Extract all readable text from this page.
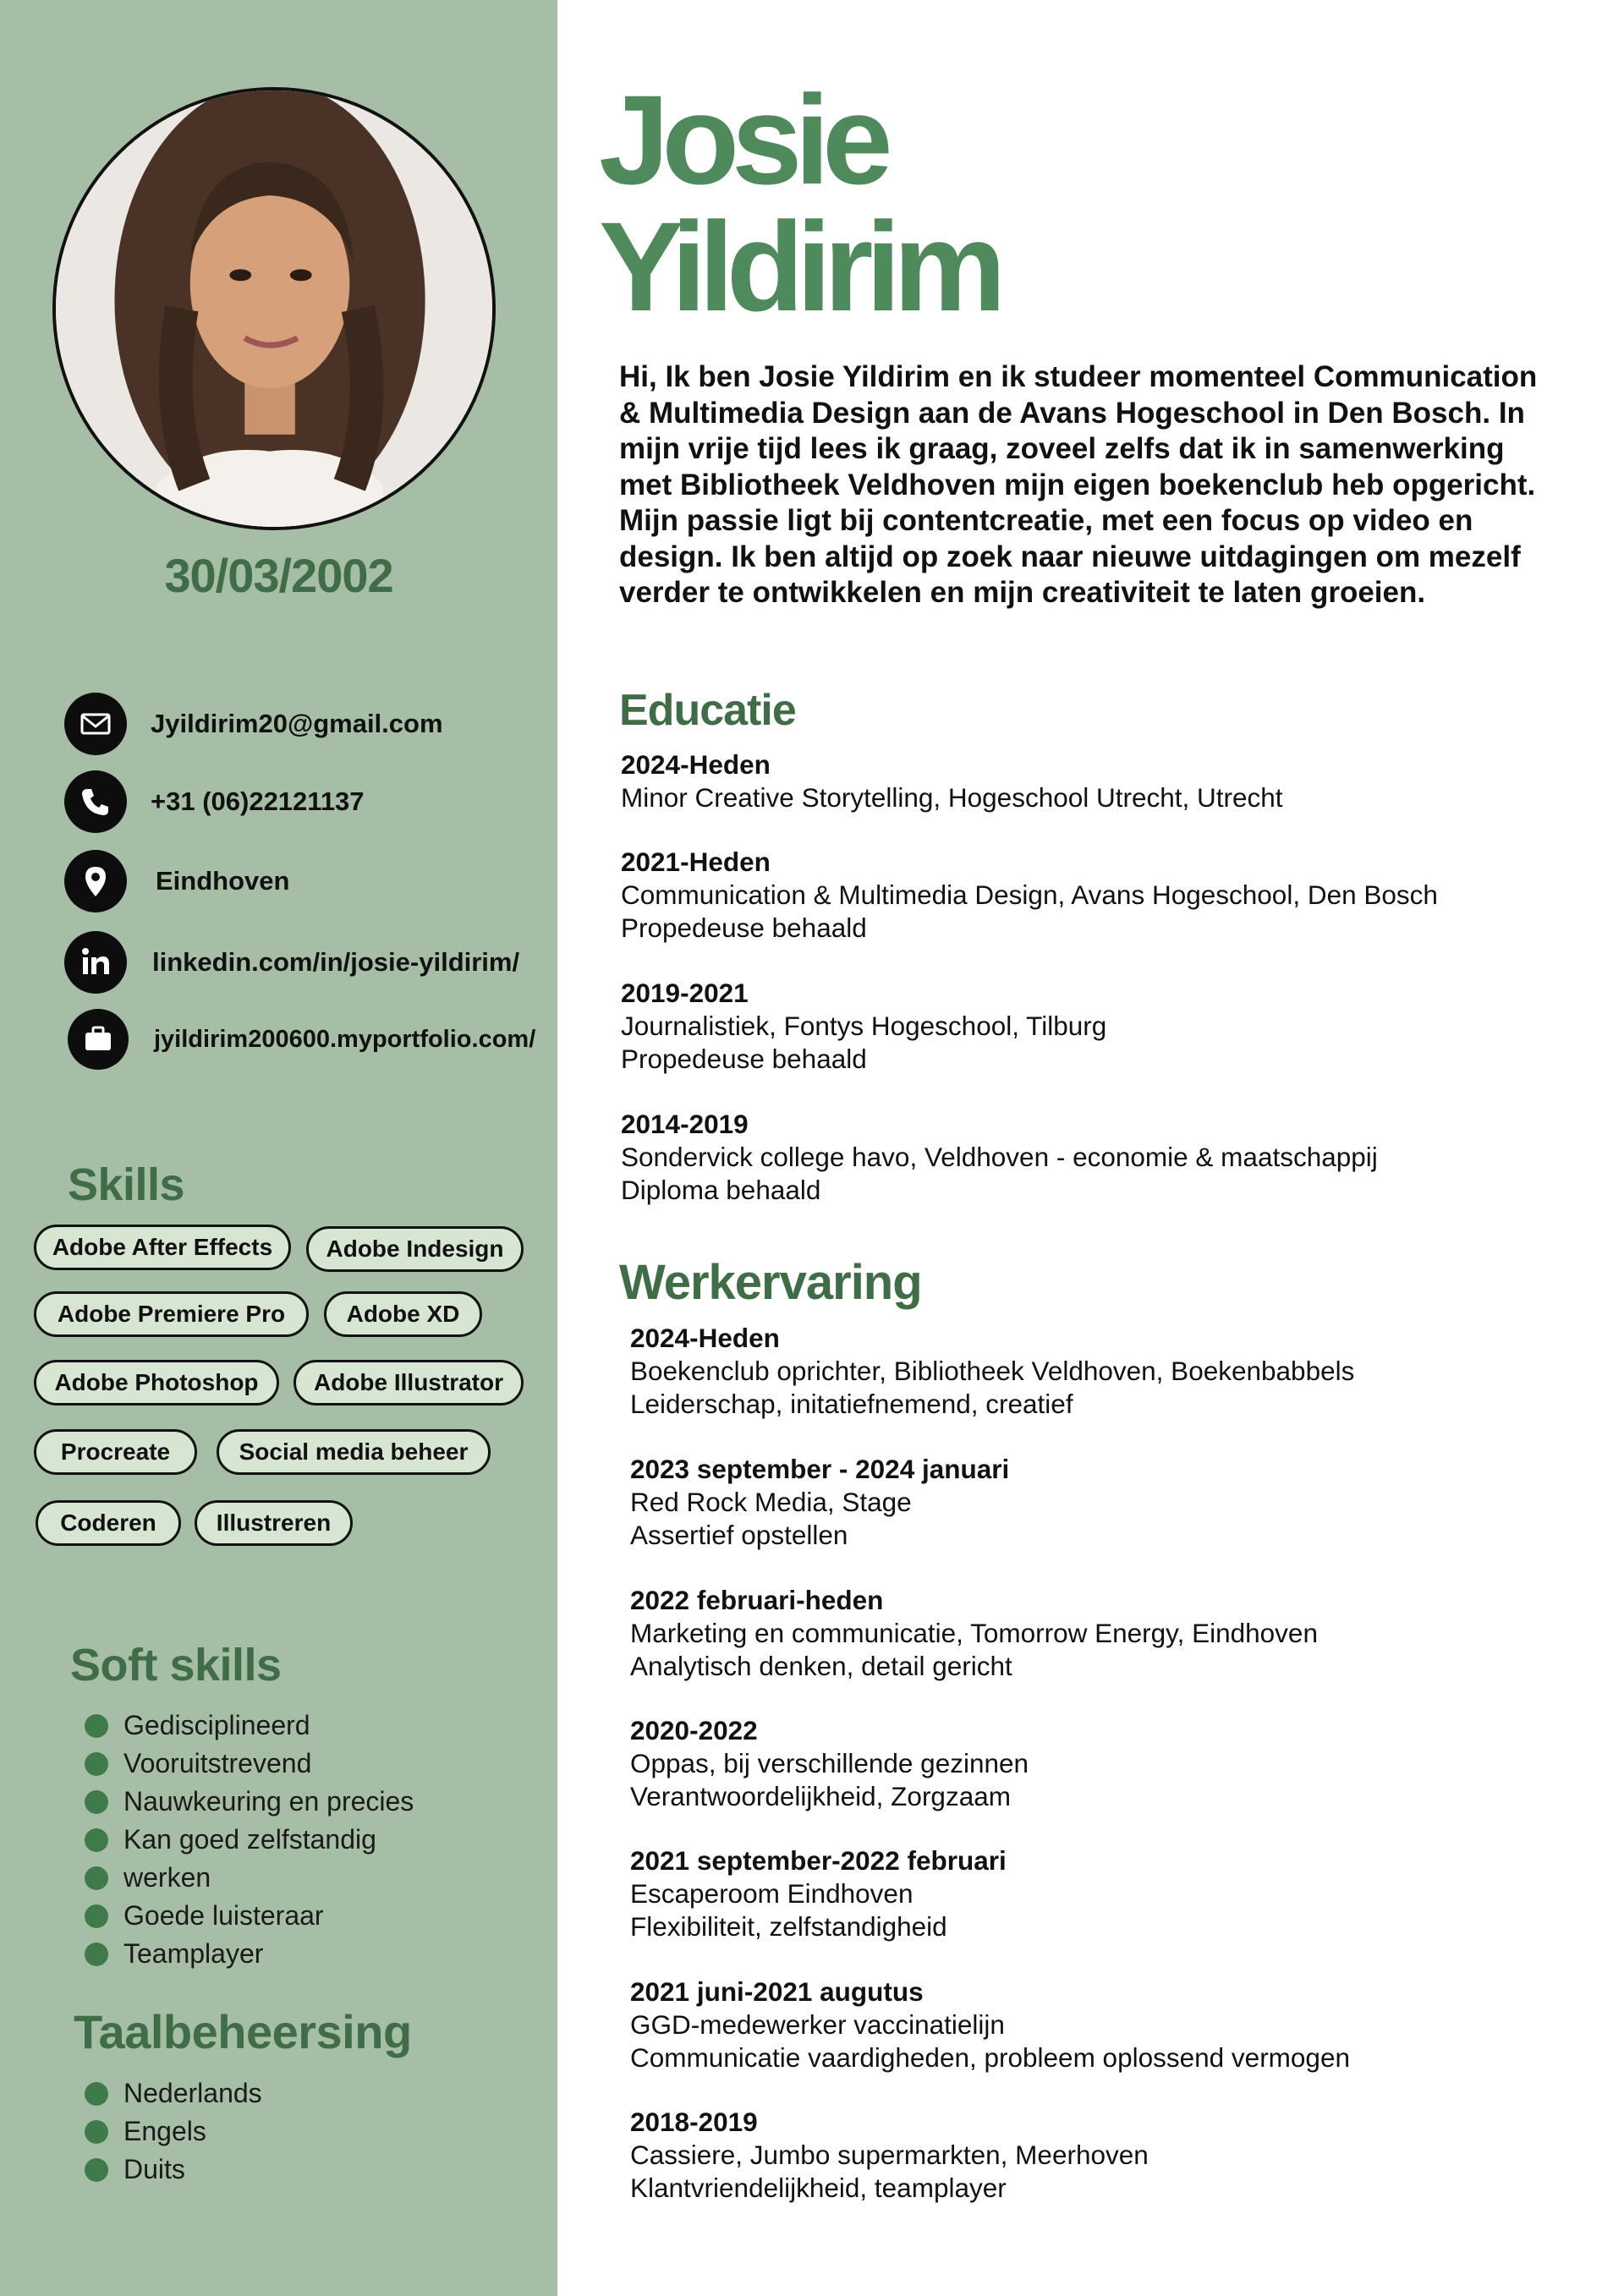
30/03/2002
Jyildirim20@gmail.com
+31 (06)22121137
Eindhoven
linkedin.com/in/josie-yildirim/
jyildirim200600.myportfolio.com/
Skills
Adobe After Effects	Adobe Indesign
Adobe Premiere Pro	Adobe XD
Adobe Photoshop	Adobe Illustrator
Procreate	Social media beheer
Coderen	Illustreren
Soft skills
Gedisciplineerd
Vooruitstrevend
Nauwkeuring en precies
Kan goed zelfstandig
werken
Goede luisteraar
Teamplayer
Taalbeheersing
Nederlands
Engels
Duits
Josie
Yildirim
Hi, Ik ben Josie Yildirim en ik studeer momenteel Communication & Multimedia Design aan de Avans Hogeschool in Den Bosch. In mijn vrije tijd lees ik graag, zoveel zelfs dat ik in samenwerking met Bibliotheek Veldhoven mijn eigen boekenclub heb opgericht. Mijn passie ligt bij contentcreatie, met een focus op video en design. Ik ben altijd op zoek naar nieuwe uitdagingen om mezelf verder te ontwikkelen en mijn creativiteit te laten groeien.
Educatie
2024-Heden
Minor Creative Storytelling, Hogeschool Utrecht, Utrecht
2021-Heden
Communication & Multimedia Design, Avans Hogeschool, Den Bosch
Propedeuse behaald
2019-2021
Journalistiek, Fontys Hogeschool, Tilburg
Propedeuse behaald
2014-2019
Sondervick college havo, Veldhoven - economie & maatschappij
Diploma behaald
Werkervaring
2024-Heden
Boekenclub oprichter, Bibliotheek Veldhoven, Boekenbabbels
Leiderschap, initatiefnemend, creatief
2023 september - 2024 januari
Red Rock Media, Stage
Assertief opstellen
2022 februari-heden
Marketing en communicatie, Tomorrow Energy, Eindhoven
Analytisch denken, detail gericht
2020-2022
Oppas, bij verschillende gezinnen
Verantwoordelijkheid, Zorgzaam
2021 september-2022 februari
Escaperoom Eindhoven
Flexibiliteit, zelfstandigheid
2021 juni-2021 augutus
GGD-medewerker vaccinatielijn
Communicatie vaardigheden, probleem oplossend vermogen
2018-2019
Cassiere, Jumbo supermarkten, Meerhoven
Klantvriendelijkheid, teamplayer
